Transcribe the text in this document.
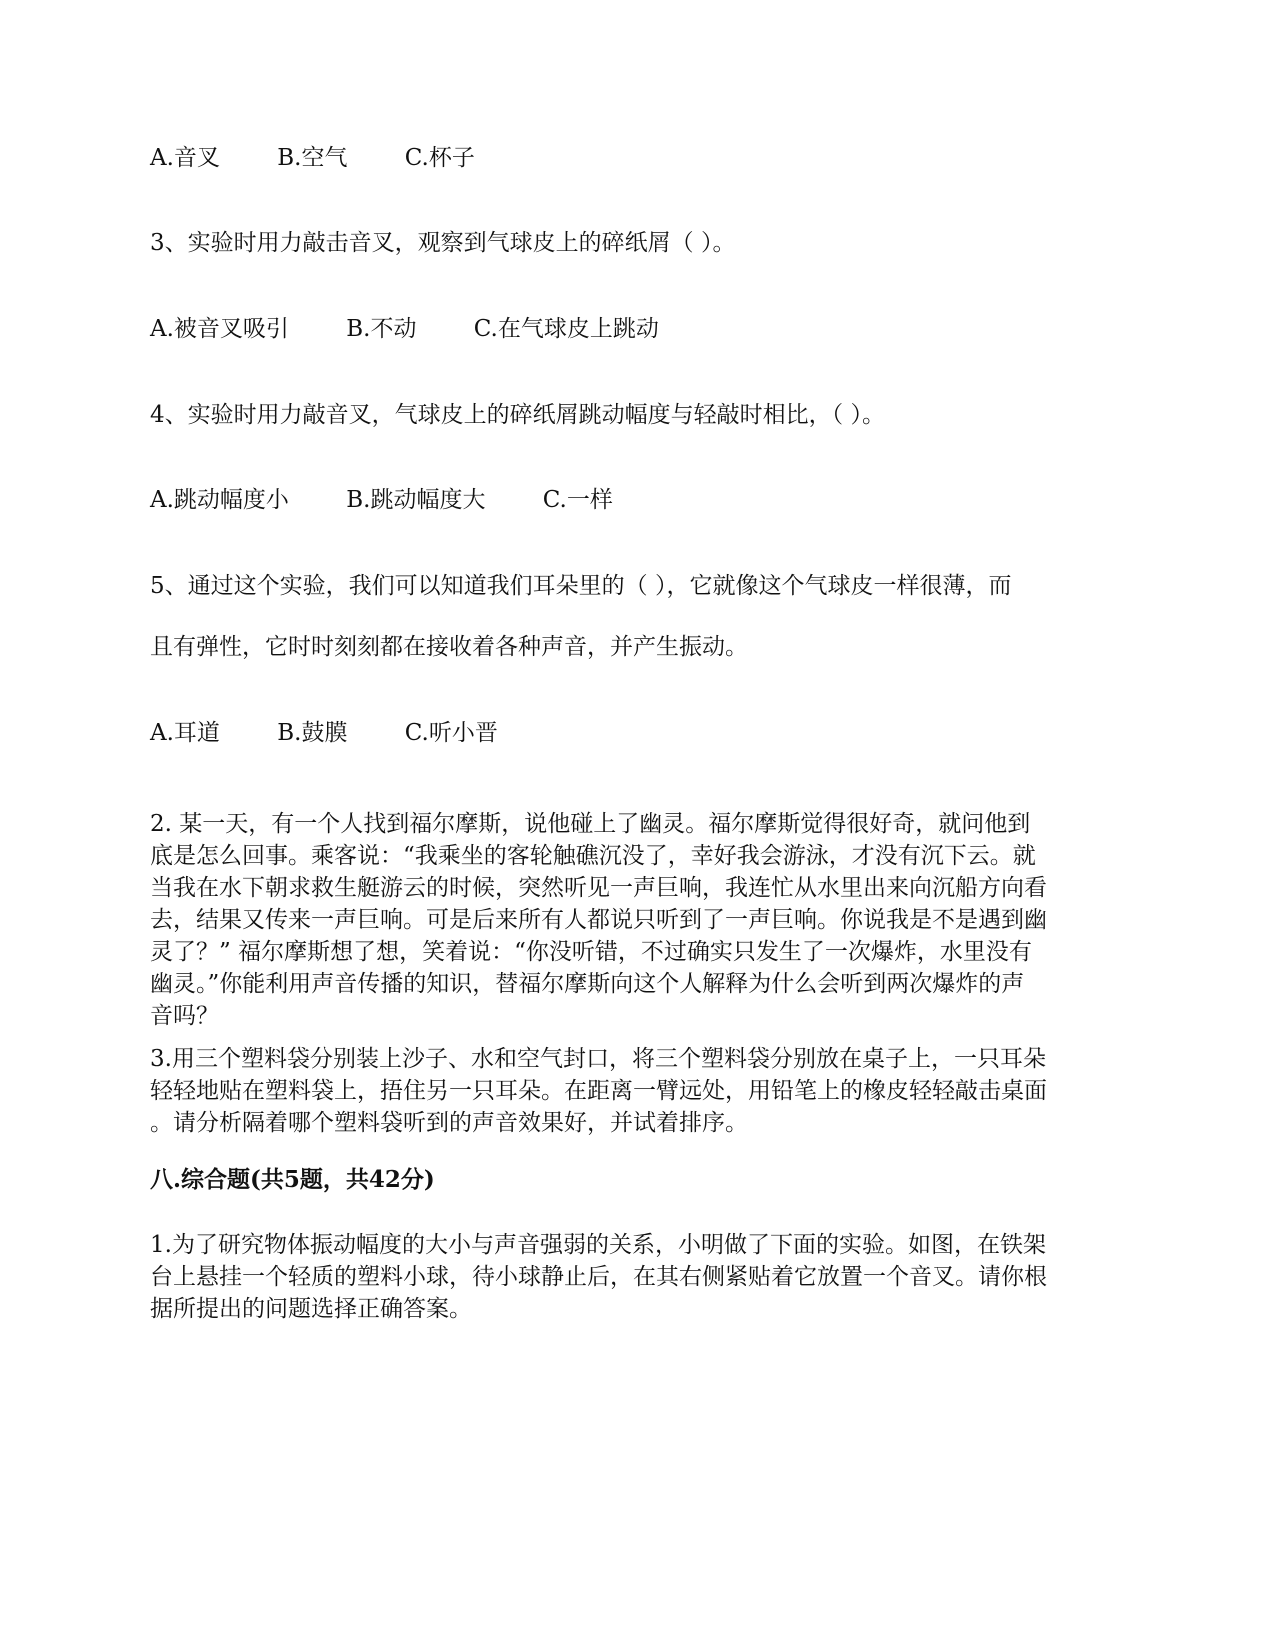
A.音叉 B.空气 C.杯子
3、实验时用力敲击音叉，观察到气球皮上的碎纸屑（ ）。
A.被音叉吸引 B.不动 C.在气球皮上跳动
4、实验时用力敲音叉，气球皮上的碎纸屑跳动幅度与轻敲时相比，（ ）。
A.跳动幅度小 B.跳动幅度大 C.一样
5、通过这个实验，我们可以知道我们耳朵里的（ ），它就像这个气球皮一样很薄，而
且有弹性，它时时刻刻都在接收着各种声音，并产生振动。
A.耳道 B.鼓膜 C.听小晋
2. 某一天，有一个人找到福尔摩斯，说他碰上了幽灵。福尔摩斯觉得很好奇，就问他到
底是怎么回事。乘客说：“我乘坐的客轮触礁沉没了，幸好我会游泳，才没有沉下云。就
当我在水下朝求救生艇游云的时候，突然听见一声巨响，我连忙从水里出来向沉船方向看
去，结果又传来一声巨响。可是后来所有人都说只听到了一声巨响。你说我是不是遇到幽
灵了？” 福尔摩斯想了想，笑着说：“你没听错，不过确实只发生了一次爆炸，水里没有
幽灵。”你能利用声音传播的知识，替福尔摩斯向这个人解释为什么会听到两次爆炸的声
音吗？
3.用三个塑料袋分别装上沙子、水和空气封口，将三个塑料袋分别放在桌子上，一只耳朵
轻轻地贴在塑料袋上，捂住另一只耳朵。在距离一臂远处，用铅笔上的橡皮轻轻敲击桌面
。请分析隔着哪个塑料袋听到的声音效果好，并试着排序。
八.综合题(共5题，共42分)
1.为了研究物体振动幅度的大小与声音强弱的关系，小明做了下面的实验。如图，在铁架
台上悬挂一个轻质的塑料小球，待小球静止后，在其右侧紧贴着它放置一个音叉。请你根
据所提出的问题选择正确答案。
